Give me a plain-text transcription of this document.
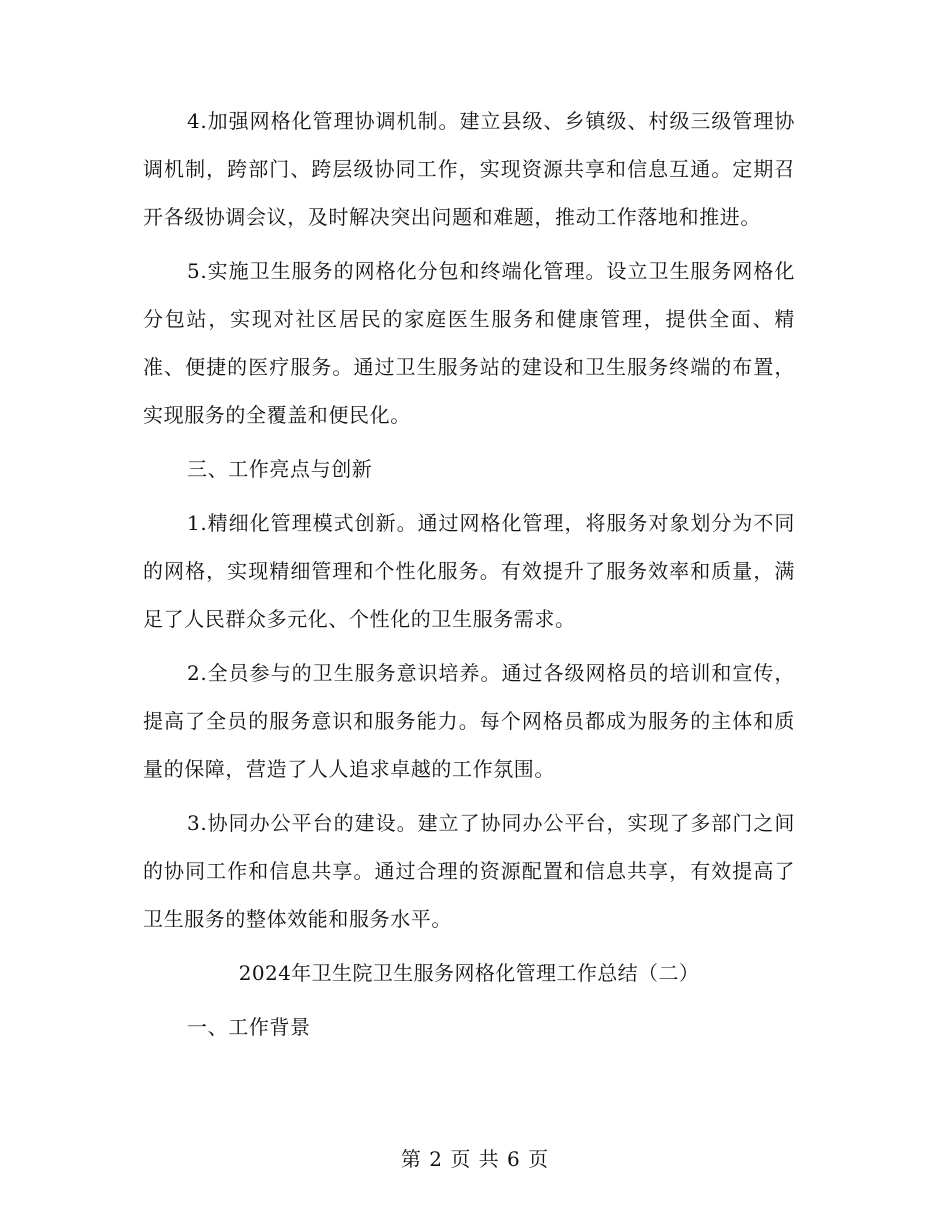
4.加强网格化管理协调机制。建立县级、乡镇级、村级三级管理协调机制，跨部门、跨层级协同工作，实现资源共享和信息互通。定期召开各级协调会议，及时解决突出问题和难题，推动工作落地和推进。

5.实施卫生服务的网格化分包和终端化管理。设立卫生服务网格化分包站，实现对社区居民的家庭医生服务和健康管理，提供全面、精准、便捷的医疗服务。通过卫生服务站的建设和卫生服务终端的布置，实现服务的全覆盖和便民化。

三、工作亮点与创新

1.精细化管理模式创新。通过网格化管理，将服务对象划分为不同的网格，实现精细管理和个性化服务。有效提升了服务效率和质量，满足了人民群众多元化、个性化的卫生服务需求。

2.全员参与的卫生服务意识培养。通过各级网格员的培训和宣传，提高了全员的服务意识和服务能力。每个网格员都成为服务的主体和质量的保障，营造了人人追求卓越的工作氛围。

3.协同办公平台的建设。建立了协同办公平台，实现了多部门之间的协同工作和信息共享。通过合理的资源配置和信息共享，有效提高了卫生服务的整体效能和服务水平。

2024年卫生院卫生服务网格化管理工作总结（二）

一、工作背景

第 2 页 共 6 页
